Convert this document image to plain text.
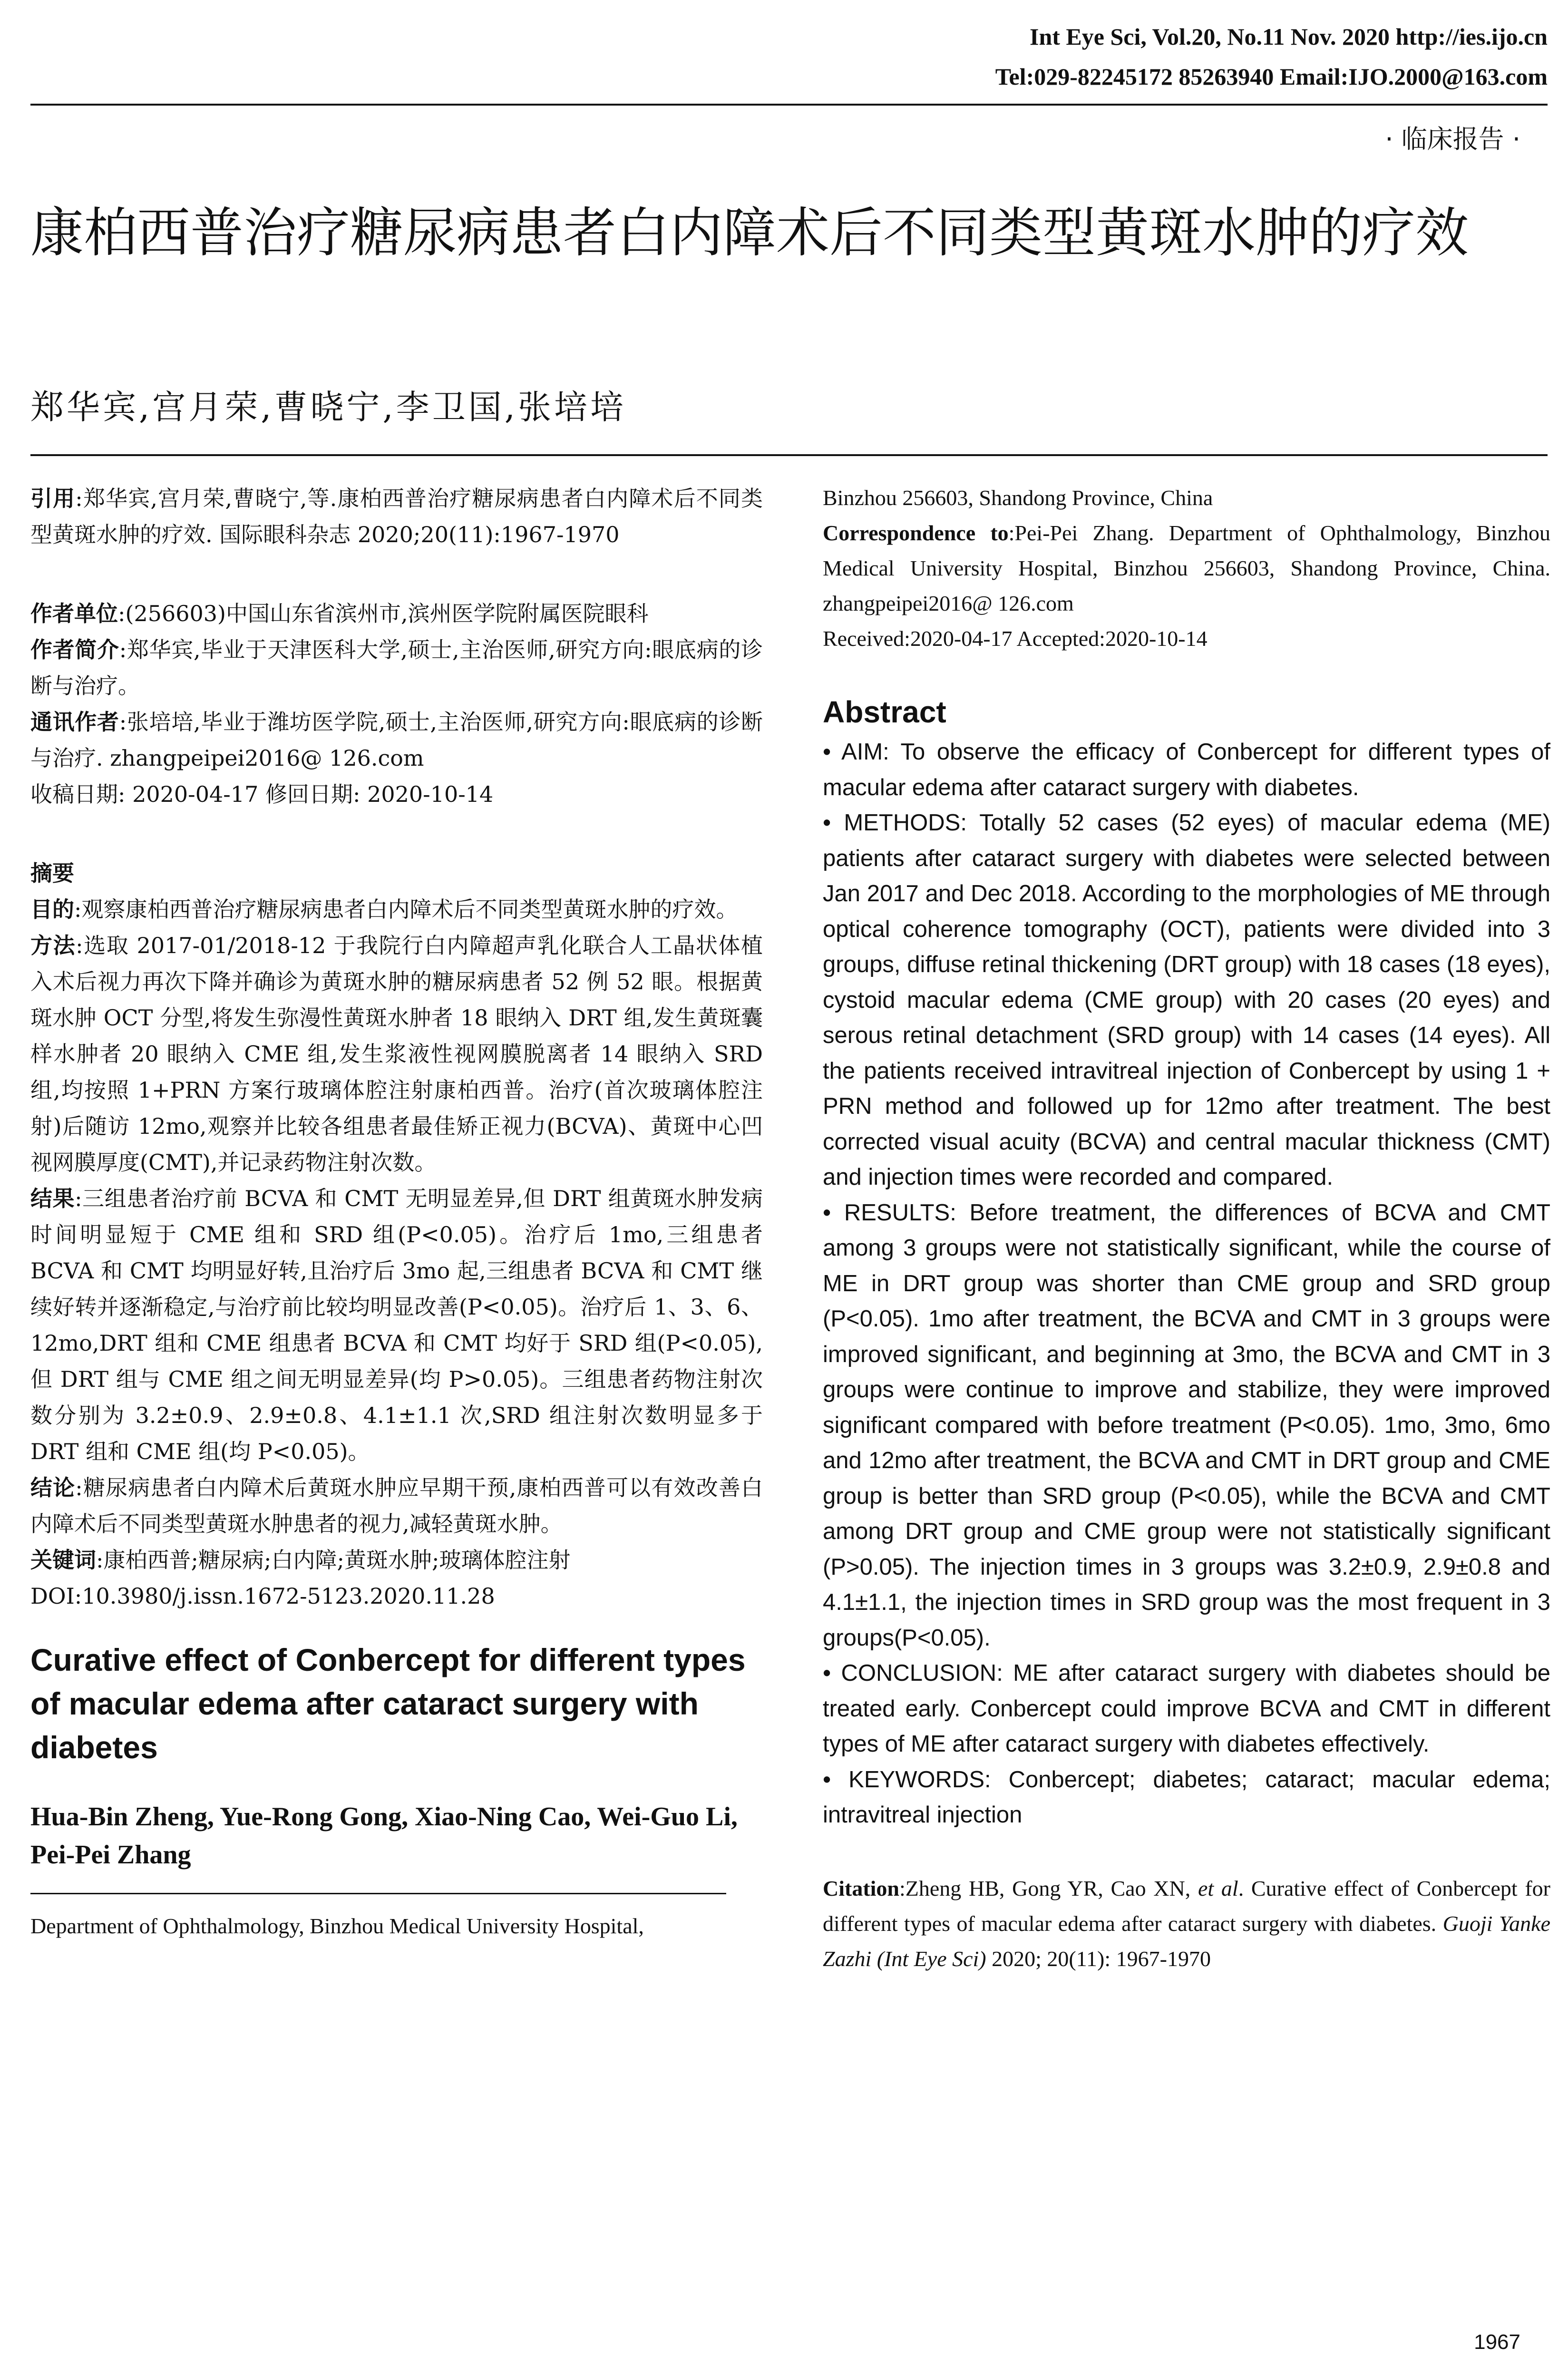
Int Eye Sci, Vol.20, No.11 Nov. 2020 http://ies.ijo.cn
Tel:029-82245172 85263940 Email:IJO.2000@163.com
· 临床报告 ·
康柏西普治疗糖尿病患者白内障术后不同类型黄斑水肿的疗效
郑华宾,宫月荣,曹晓宁,李卫国,张培培

引用:郑华宾,宫月荣,曹晓宁,等.康柏西普治疗糖尿病患者白内障术后不同类型黄斑水肿的疗效. 国际眼科杂志 2020;20(11):1967-1970

作者单位:(256603)中国山东省滨州市,滨州医学院附属医院眼科

作者简介:郑华宾,毕业于天津医科大学,硕士,主治医师,研究方向:眼底病的诊断与治疗。

通讯作者:张培培,毕业于潍坊医学院,硕士,主治医师,研究方向:眼底病的诊断与治疗. zhangpeipei2016@ 126.com

收稿日期: 2020-04-17 修回日期: 2020-10-14

摘要

目的:观察康柏西普治疗糖尿病患者白内障术后不同类型黄斑水肿的疗效。

方法:选取 2017-01/2018-12 于我院行白内障超声乳化联合人工晶状体植入术后视力再次下降并确诊为黄斑水肿的糖尿病患者 52 例 52 眼。根据黄斑水肿 OCT 分型,将发生弥漫性黄斑水肿者 18 眼纳入 DRT 组,发生黄斑囊样水肿者 20 眼纳入 CME 组,发生浆液性视网膜脱离者 14 眼纳入 SRD 组,均按照 1+PRN 方案行玻璃体腔注射康柏西普。治疗(首次玻璃体腔注射)后随访 12mo,观察并比较各组患者最佳矫正视力(BCVA)、黄斑中心凹视网膜厚度(CMT),并记录药物注射次数。

结果:三组患者治疗前 BCVA 和 CMT 无明显差异,但 DRT 组黄斑水肿发病时间明显短于 CME 组和 SRD 组(P<0.05)。治疗后 1mo,三组患者 BCVA 和 CMT 均明显好转,且治疗后 3mo 起,三组患者 BCVA 和 CMT 继续好转并逐渐稳定,与治疗前比较均明显改善(P<0.05)。治疗后 1、3、6、12mo,DRT 组和 CME 组患者 BCVA 和 CMT 均好于 SRD 组(P<0.05),但 DRT 组与 CME 组之间无明显差异(均 P>0.05)。三组患者药物注射次数分别为 3.2±0.9、2.9±0.8、4.1±1.1 次,SRD 组注射次数明显多于 DRT 组和 CME 组(均 P<0.05)。

结论:糖尿病患者白内障术后黄斑水肿应早期干预,康柏西普可以有效改善白内障术后不同类型黄斑水肿患者的视力,减轻黄斑水肿。

关键词:康柏西普;糖尿病;白内障;黄斑水肿;玻璃体腔注射

DOI:10.3980/j.issn.1672-5123.2020.11.28

Curative effect of Conbercept for different types of macular edema after cataract surgery with diabetes
Hua-Bin Zheng, Yue-Rong Gong, Xiao-Ning Cao, Wei-Guo Li, Pei-Pei Zhang
Department of Ophthalmology, Binzhou Medical University Hospital,

Binzhou 256603, Shandong Province, China

Correspondence to:Pei-Pei Zhang. Department of Ophthalmology, Binzhou Medical University Hospital, Binzhou 256603, Shandong Province, China. zhangpeipei2016@ 126.com

Received:2020-04-17 Accepted:2020-10-14

Abstract

• AIM: To observe the efficacy of Conbercept for different types of macular edema after cataract surgery with diabetes.

• METHODS: Totally 52 cases (52 eyes) of macular edema (ME) patients after cataract surgery with diabetes were selected between Jan 2017 and Dec 2018. According to the morphologies of ME through optical coherence tomography (OCT), patients were divided into 3 groups, diffuse retinal thickening (DRT group) with 18 cases (18 eyes), cystoid macular edema (CME group) with 20 cases (20 eyes) and serous retinal detachment (SRD group) with 14 cases (14 eyes). All the patients received intravitreal injection of Conbercept by using 1 + PRN method and followed up for 12mo after treatment. The best corrected visual acuity (BCVA) and central macular thickness (CMT) and injection times were recorded and compared.

• RESULTS: Before treatment, the differences of BCVA and CMT among 3 groups were not statistically significant, while the course of ME in DRT group was shorter than CME group and SRD group (P<0.05). 1mo after treatment, the BCVA and CMT in 3 groups were improved significant, and beginning at 3mo, the BCVA and CMT in 3 groups were continue to improve and stabilize, they were improved significant compared with before treatment (P<0.05). 1mo, 3mo, 6mo and 12mo after treatment, the BCVA and CMT in DRT group and CME group is better than SRD group (P<0.05), while the BCVA and CMT among DRT group and CME group were not statistically significant (P>0.05). The injection times in 3 groups was 3.2±0.9, 2.9±0.8 and 4.1±1.1, the injection times in SRD group was the most frequent in 3 groups(P<0.05).

• CONCLUSION: ME after cataract surgery with diabetes should be treated early. Conbercept could improve BCVA and CMT in different types of ME after cataract surgery with diabetes effectively.

• KEYWORDS: Conbercept; diabetes; cataract; macular edema; intravitreal injection

Citation:Zheng HB, Gong YR, Cao XN, et al. Curative effect of Conbercept for different types of macular edema after cataract surgery with diabetes. Guoji Yanke Zazhi (Int Eye Sci) 2020; 20(11): 1967-1970

1967
